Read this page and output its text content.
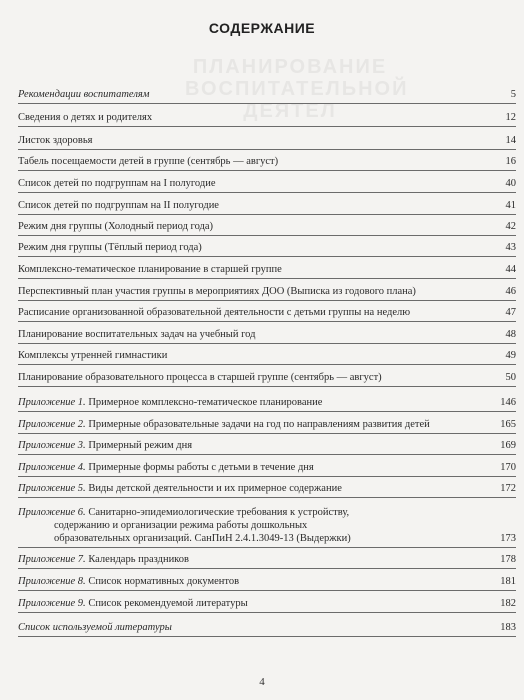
ПЛАНИРОВАНИЕ
ВОСПИТАТЕЛЬНОЙ ДЕЯТЕЛ
СОДЕРЖАНИЕ
Рекомендации воспитателям	5
Сведения о детях и родителях	12
Листок здоровья	14
Табель посещаемости детей в группе (сентябрь — август)	16
Список детей по подгруппам на I полугодие	40
Список детей по подгруппам на II полугодие	41
Режим дня группы (Холодный период года)	42
Режим дня группы (Тёплый период года)	43
Комплексно-тематическое планирование в старшей группе	44
Перспективный план участия группы в мероприятиях ДОО (Выписка из годового плана)	46
Расписание организованной образовательной деятельности с детьми группы на неделю	47
Планирование воспитательных задач на учебный год	48
Комплексы утренней гимнастики	49
Планирование образовательного процесса в старшей группе (сентябрь — август)	50
Приложение 1. Примерное комплексно-тематическое планирование	146
Приложение 2. Примерные образовательные задачи на год по направлениям развития детей	165
Приложение 3. Примерный режим дня	169
Приложение 4. Примерные формы работы с детьми в течение дня	170
Приложение 5. Виды детской деятельности и их примерное содержание	172
Приложение 6. Санитарно-эпидемиологические требования к устройству,
содержанию и организации режима работы дошкольных
образовательных организаций. СанПиН 2.4.1.3049-13 (Выдержки)	173
Приложение 7. Календарь праздников	178
Приложение 8. Список нормативных документов	181
Приложение 9. Список рекомендуемой литературы	182
Список используемой литературы	183
4
